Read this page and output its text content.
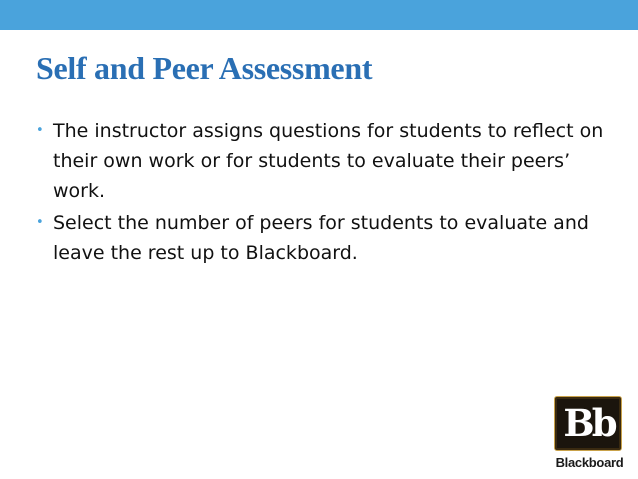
Self and Peer Assessment
• The instructor assigns questions for students to reflect on their own work or for students to evaluate their peers’ work.
• Select the number of peers for students to evaluate and leave the rest up to Blackboard.
Bb
Blackboard
